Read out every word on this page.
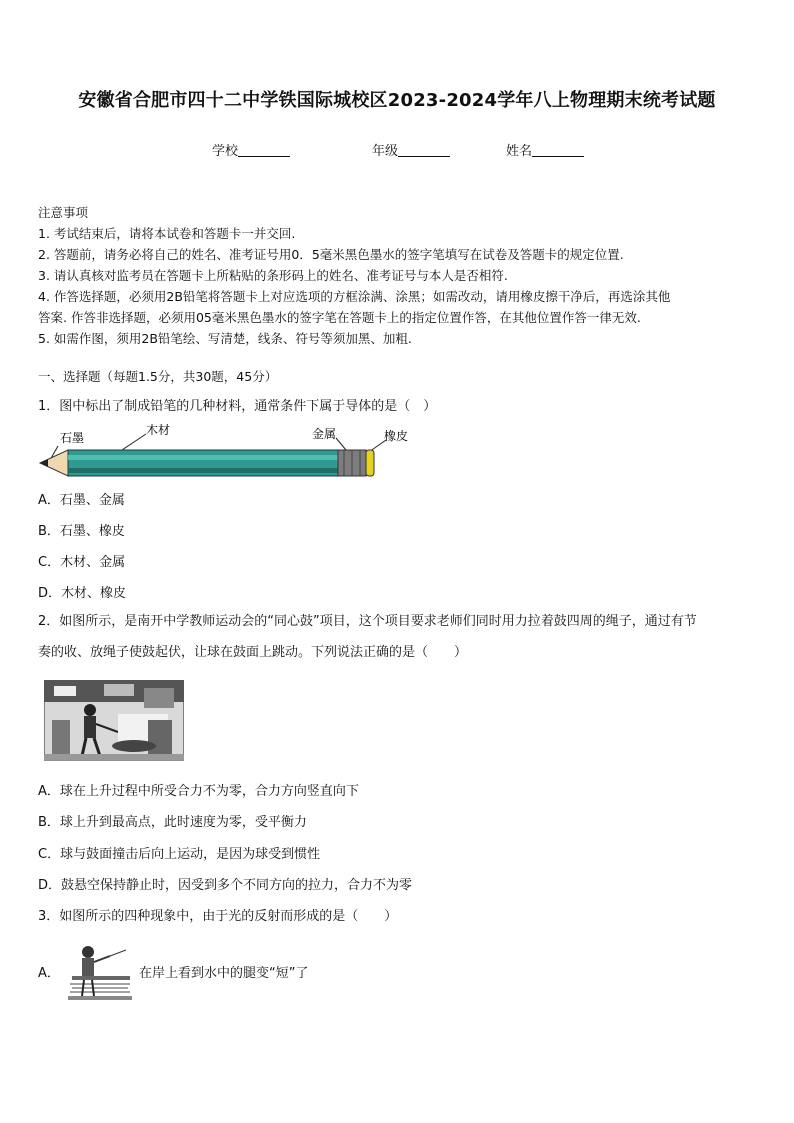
安徽省合肥市四十二中学铁国际城校区2023-2024学年八上物理期末统考试题
学校	年级	姓名
注意事项
1. 考试结束后，请将本试卷和答题卡一并交回.
2. 答题前，请务必将自己的姓名、准考证号用0．5毫米黑色墨水的签字笔填写在试卷及答题卡的规定位置.
3. 请认真核对监考员在答题卡上所粘贴的条形码上的姓名、准考证号与本人是否相符.
4. 作答选择题，必须用2B铅笔将答题卡上对应选项的方框涂满、涂黑；如需改动，请用橡皮擦干净后，再选涂其他
答案. 作答非选择题，必须用05毫米黑色墨水的签字笔在答题卡上的指定位置作答，在其他位置作答一律无效.
5. 如需作图，须用2B铅笔绘、写清楚，线条、符号等须加黑、加粗.
一、选择题（每题1.5分，共30题，45分）
1．图中标出了制成铅笔的几种材料，通常条件下属于导体的是（　）
石墨
木材	金属	橡皮
A．石墨、金属
B．石墨、橡皮
C．木材、金属
D．木材、橡皮
2．如图所示，是南开中学教师运动会的“同心鼓”项目，这个项目要求老师们同时用力拉着鼓四周的绳子，通过有节
奏的收、放绳子使鼓起伏，让球在鼓面上跳动。下列说法正确的是（　　）
A．球在上升过程中所受合力不为零，合力方向竖直向下
B．球上升到最高点，此时速度为零，受平衡力
C．球与鼓面撞击后向上运动，是因为球受到惯性
D．鼓悬空保持静止时，因受到多个不同方向的拉力，合力不为零
3．如图所示的四种现象中，由于光的反射而形成的是（　　）
A．	在岸上看到水中的腿变“短”了
